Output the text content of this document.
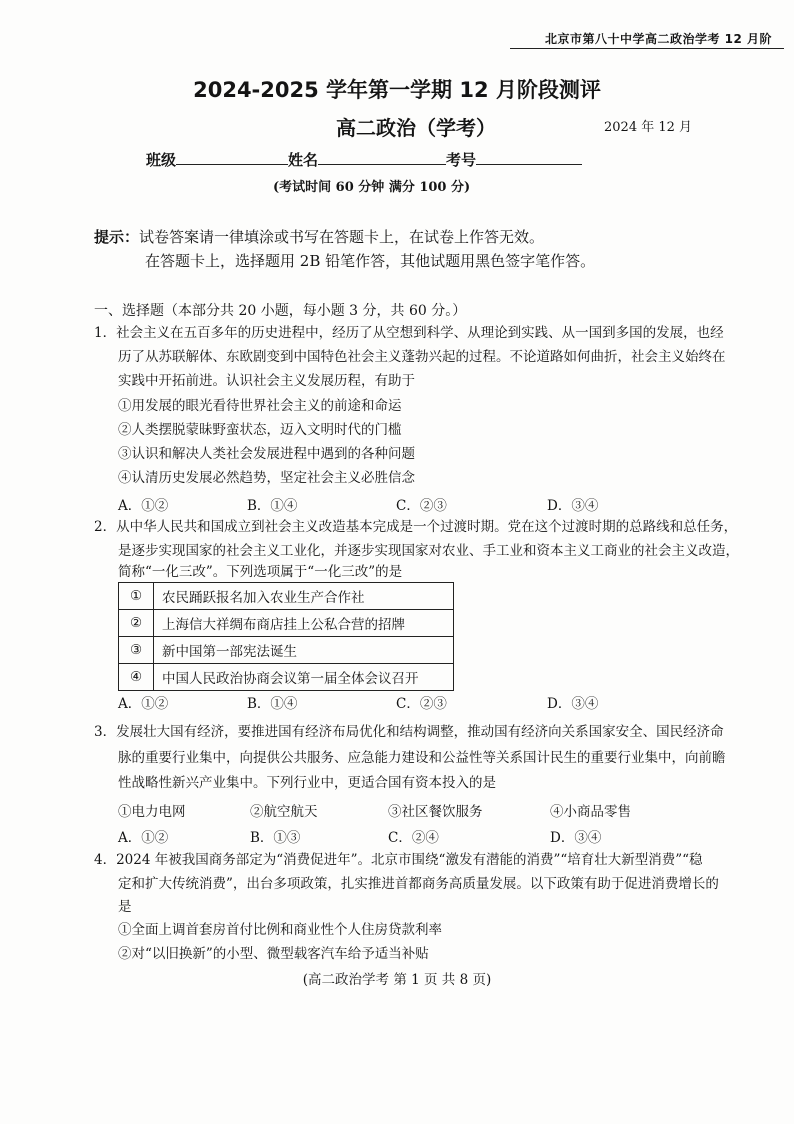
北京市第八十中学高二政治学考 12 月阶
2024-2025 学年第一学期 12 月阶段测评
高二政治（学考）	2024 年 12 月
班级	姓名	考号
(考试时间 60 分钟 满分 100 分)
提示：试卷答案请一律填涂或书写在答题卡上，在试卷上作答无效。
在答题卡上，选择题用 2B 铅笔作答，其他试题用黑色签字笔作答。
一、选择题（本部分共 20 小题，每小题 3 分，共 60 分。）
1．社会主义在五百多年的历史进程中，经历了从空想到科学、从理论到实践、从一国到多国的发展，也经
历了从苏联解体、东欧剧变到中国特色社会主义蓬勃兴起的过程。不论道路如何曲折，社会主义始终在
实践中开拓前进。认识社会主义发展历程，有助于
①用发展的眼光看待世界社会主义的前途和命运
②人类摆脱蒙昧野蛮状态，迈入文明时代的门槛
③认识和解决人类社会发展进程中遇到的各种问题
④认清历史发展必然趋势，坚定社会主义必胜信念
A．①②	B．①④	C．②③	D．③④
2．从中华人民共和国成立到社会主义改造基本完成是一个过渡时期。党在这个过渡时期的总路线和总任务，
是逐步实现国家的社会主义工业化，并逐步实现国家对农业、手工业和资本主义工商业的社会主义改造，
简称“一化三改”。下列选项属于“一化三改”的是
①	农民踊跃报名加入农业生产合作社
②	上海信大祥绸布商店挂上公私合营的招牌
③	新中国第一部宪法诞生
④	中国人民政治协商会议第一届全体会议召开
A．①②	B．①④	C．②③	D．③④
3．发展壮大国有经济，要推进国有经济布局优化和结构调整，推动国有经济向关系国家安全、国民经济命
脉的重要行业集中，向提供公共服务、应急能力建设和公益性等关系国计民生的重要行业集中，向前瞻
性战略性新兴产业集中。下列行业中，更适合国有资本投入的是
①电力电网	②航空航天	③社区餐饮服务	④小商品零售
A．①②	B．①③	C．②④	D．③④
4．2024 年被我国商务部定为“消费促进年”。北京市围绕“激发有潜能的消费”“培育壮大新型消费”“稳
定和扩大传统消费”，出台多项政策，扎实推进首都商务高质量发展。以下政策有助于促进消费增长的
是
①全面上调首套房首付比例和商业性个人住房贷款利率
②对“以旧换新”的小型、微型载客汽车给予适当补贴
(高二政治学考 第 1 页 共 8 页)
